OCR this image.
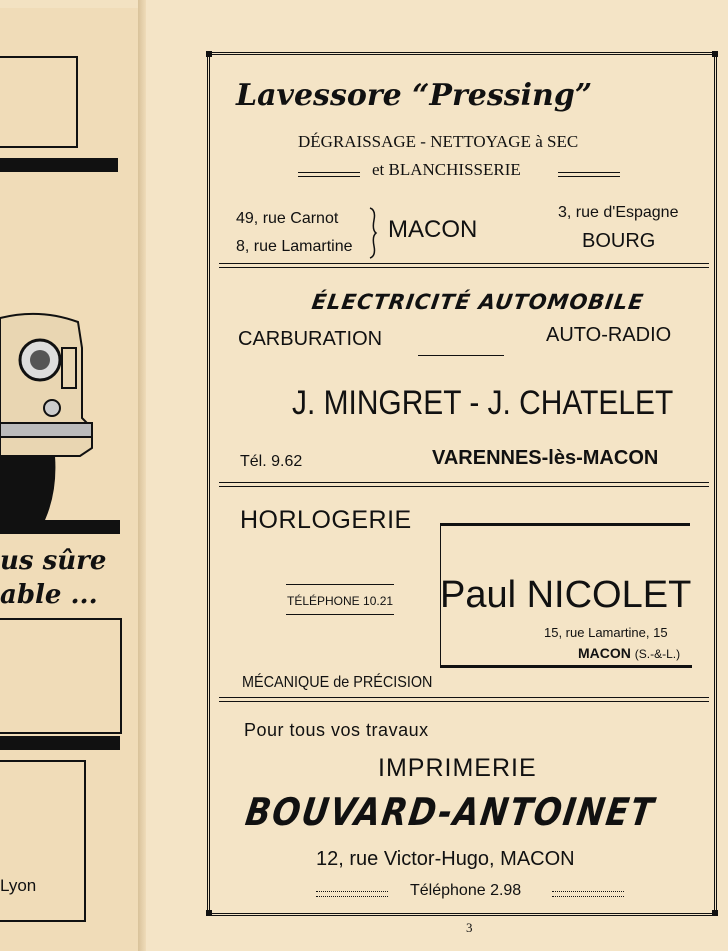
us sûre
able ...
Lyon
Lavessore “Pressing”
DÉGRAISSAGE - NETTOYAGE à SEC
et BLANCHISSERIE
49, rue Carnot
8, rue Lamartine
MACON
3, rue d'Espagne
BOURG
ÉLECTRICITÉ AUTOMOBILE
CARBURATION	AUTO-RADIO
J. MINGRET - J. CHATELET
Tél. 9.62	VARENNES-lès-MACON
HORLOGERIE
TÉLÉPHONE 10.21 Paul NICOLET
15, rue Lamartine, 15
MACON (S.-&-L.)
MÉCANIQUE de PRÉCISION
Pour tous vos travaux
IMPRIMERIE
BOUVARD-ANTOINET
12, rue Victor-Hugo, MACON
Téléphone 2.98
3
